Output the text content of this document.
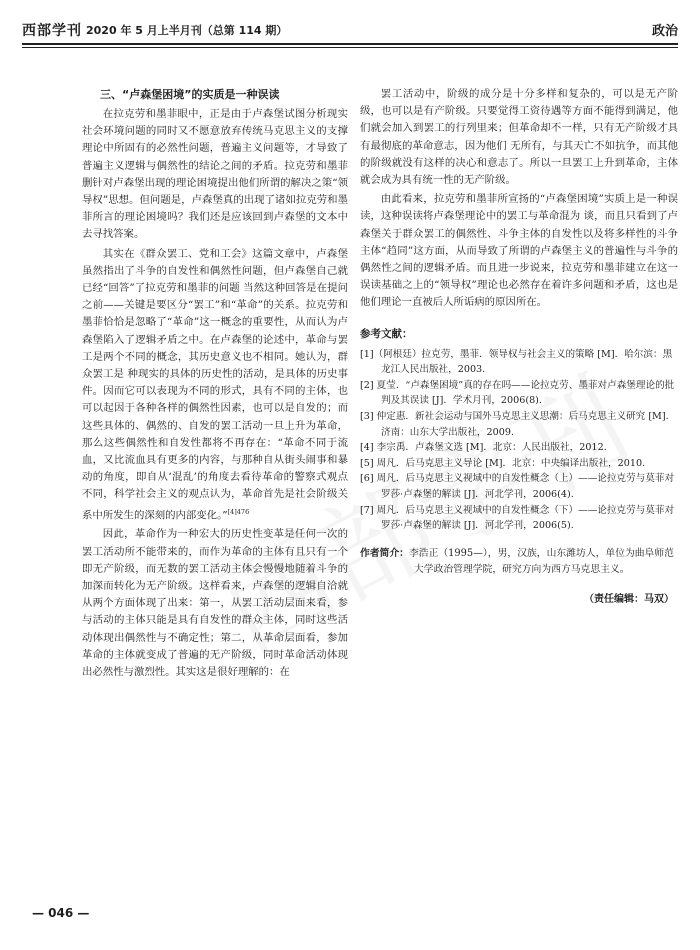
西部学刊 2020 年 5 月上半月刊（总第 114 期）	政治
三、“卢森堡困境”的实质是一种误读

在拉克劳和墨菲眼中，正是由于卢森堡试图分析现实社会环境问题的同时又不愿意放弃传统马克思主义的支撑理论中所固有的必然性问题，普遍主义问题等，才导致了普遍主义逻辑与偶然性的结论之间的矛盾。拉克劳和墨菲删针对卢森堡出现的理论困境提出他们所谓的解决之策“领导权”思想。但问题是，卢森堡真的出现了诸如拉克劳和墨菲所言的理论困境吗？我们还是应该回到卢森堡的文本中去寻找答案。

其实在《群众罢工、党和工会》这篇文章中，卢森堡虽然指出了斗争的自发性和偶然性问题，但卢森堡自己就已经“回答”了拉克劳和墨菲的问题 当然这种回答是在提问之前——关键是要区分“罢工”和“革命”的关系。拉克劳和墨菲恰恰是忽略了“革命”这一概念的重要性，从而认为卢森堡陷入了逻辑矛盾之中。在卢森堡的论述中，革命与罢工是两个不同的概念，其历史意义也不相同。她认为，群众罢工是 种现实的具体的历史性的活动，是具体的历史事件。因而它可以表现为不同的形式，具有不同的主体，也可以起因于各种各样的偶然性因素，也可以是自发的；而这些具体的、偶然的、自发的罢工活动一旦上升为革命，那么这些偶然性和自发性都将不再存在：“革命不同于流血，又比流血具有更多的内容，与那种自从街头闹事和暴动的角度，即自从‘混乱’的角度去看待革命的警察式观点不同，科学社会主义的观点认为，革命首先是社会阶级关系中所发生的深刻的内部变化。”$^{[4]476}$

因此，革命作为一种宏大的历史性变革是任何一次的罢工活动所不能带来的，而作为革命的主体有且只有一个即无产阶级，而无数的罢工活动主体会慢慢地随着斗争的加深而转化为无产阶级。这样看来，卢森堡的逻辑自洽就从两个方面体现了出来：第一，从罢工活动层面来看，参与活动的主体只能是具有自发性的群众主体，同时这些活动体现出偶然性与不确定性；第二，从革命层面看，参加革命的主体就变成了普遍的无产阶级，同时革命活动体现出必然性与激烈性。其实这是很好理解的：在

罢工活动中，阶级的成分是十分多样和复杂的，可以是无产阶级，也可以是有产阶级。只要觉得工资待遇等方面不能得到满足，他们就会加入到罢工的行列里来；但革命却不一样，只有无产阶级才具有最彻底的革命意志，因为他们 无所有，与其天亡不如抗争，而其他的阶级就没有这样的决心和意志了。所以一旦罢工上升到革命，主体就会成为具有统一性的无产阶级。

由此看来，拉克劳和墨菲所宣扬的“卢森堡困境”实质上是一种误读，这种误读将卢森堡理论中的罢工与革命混为 谈，而且只看到了卢森堡关于群众罢工的偶然性、斗争主体的自发性以及将多样性的斗争主体“趋同”这方面，从而导致了所谓的卢森堡主义的普遍性与斗争的偶然性之间的逻辑矛盾。而且进一步说来，拉克劳和墨菲建立在这一误读基础之上的“领导权”理论也必然存在着许多问题和矛盾，这也是他们理论一直被后人所诟病的原因所在。

参考文献：
[1]（阿根廷）拉克劳，墨菲．领导权与社会主义的策略 [M]．哈尔滨：黑龙江人民出版社，2003.
[2] 夏莹．“卢森堡困境”真的存在吗——论拉克劳、墨菲对卢森堡理论的批判及其误读 [J]．学术月刊，2006(8).
[3] 仲定惠．新社会运动与国外马克思主义思潮：后马克思主义研究 [M]．济南：山东大学出版社，2009.
[4] 李宗禹．卢森堡文选 [M]．北京：人民出版社，2012.
[5] 周凡．后马克思主义导论 [M]．北京：中央编译出版社，2010.
[6] 周凡．后马克思主义视域中的自发性概念（上）——论拉克劳与莫菲对罗莎·卢森堡的解读 [J]．河北学刊，2006(4).
[7] 周凡．后马克思主义视域中的自发性概念（下）——论拉克劳与莫菲对罗莎·卢森堡的解读 [J]．河北学刊，2006(5).
作者简介：李浩正（1995—），男，汉族，山东潍坊人，单位为曲阜师范大学政治管理学院，研究方向为西方马克思主义。
（责任编辑：马双）
— 046 —
